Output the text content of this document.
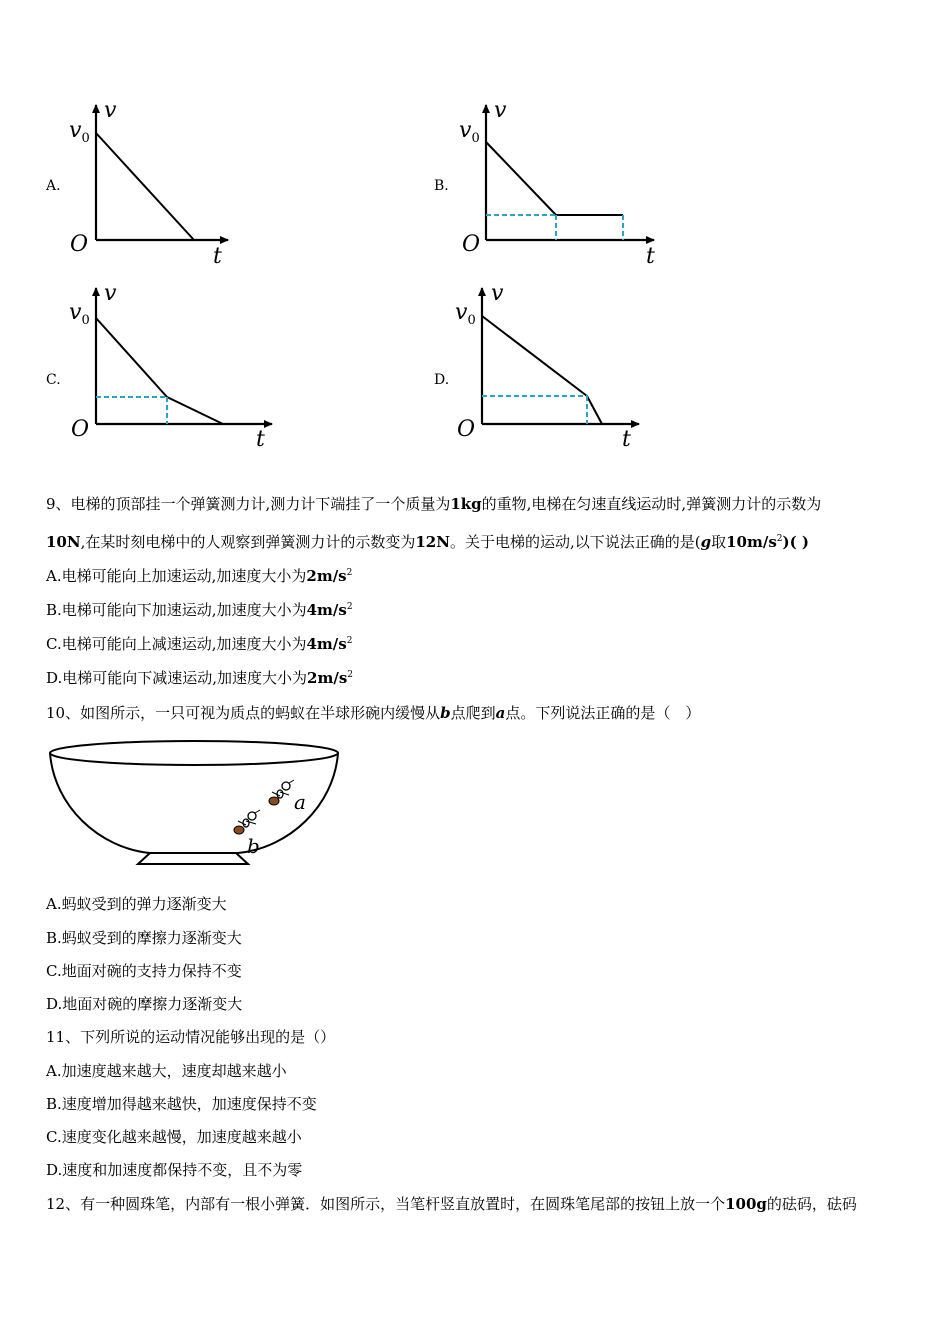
A.	B.
C.	D.
v
$v_0$
O	t
v
$v_0$
O	t
v
$v_0$
O	t
v
$v_0$
O	t
9、电梯的顶部挂一个弹簧测力计,测力计下端挂了一个质量为1kg的重物,电梯在匀速直线运动时,弹簧测力计的示数为
10N,在某时刻电梯中的人观察到弹簧测力计的示数变为12N。关于电梯的运动,以下说法正确的是(g取$10m/s^2$)( )
A.电梯可能向上加速运动,加速度大小为$2m/s^2$
B.电梯可能向下加速运动,加速度大小为$4m/s^2$
C.电梯可能向上减速运动,加速度大小为$4m/s^2$
D.电梯可能向下减速运动,加速度大小为$2m/s^2$
10、如图所示，一只可视为质点的蚂蚁在半球形碗内缓慢从b点爬到a点。下列说法正确的是（　）
a
b
A.蚂蚁受到的弹力逐渐变大
B.蚂蚁受到的摩擦力逐渐变大
C.地面对碗的支持力保持不变
D.地面对碗的摩擦力逐渐变大
11、下列所说的运动情况能够出现的是（）
A.加速度越来越大，速度却越来越小
B.速度增加得越来越快，加速度保持不变
C.速度变化越来越慢，加速度越来越小
D.速度和加速度都保持不变，且不为零
12、有一种圆珠笔，内部有一根小弹簧．如图所示，当笔杆竖直放置时，在圆珠笔尾部的按钮上放一个100g的砝码，砝码
